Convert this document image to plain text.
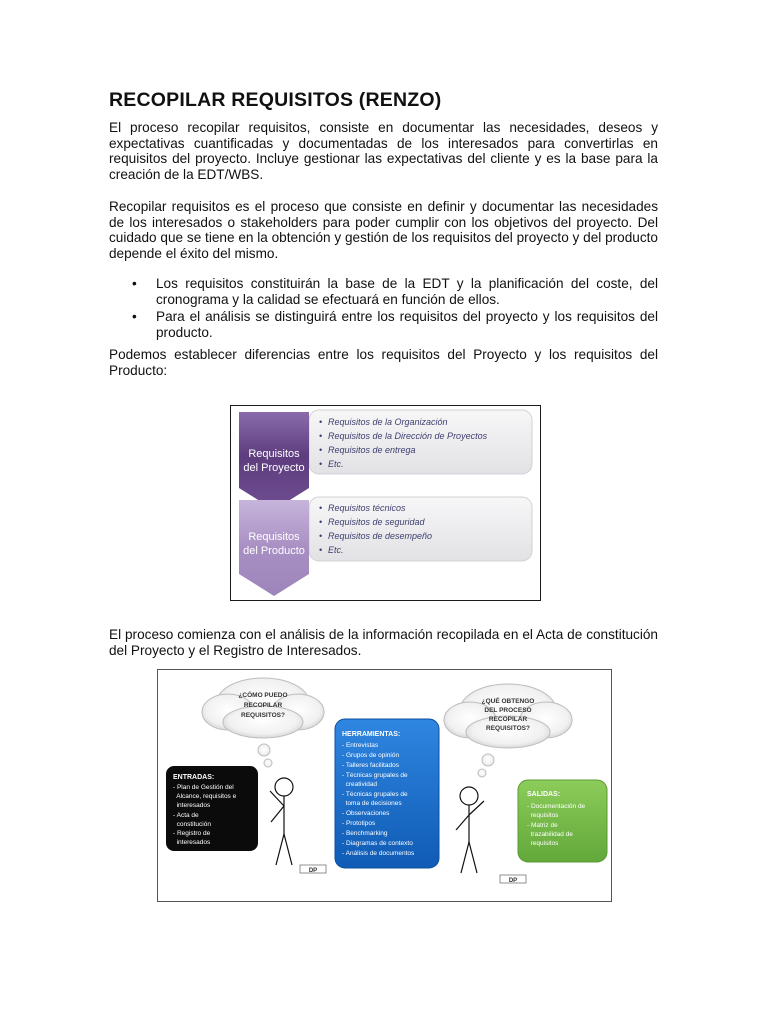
RECOPILAR REQUISITOS (RENZO)

El proceso recopilar requisitos, consiste en documentar las necesidades, deseos y expectativas cuantificadas y documentadas de los interesados para convertirlas en requisitos del proyecto. Incluye gestionar las expectativas del cliente y es la base para la creación de la EDT/WBS.

Recopilar requisitos es el proceso que consiste en definir y documentar las necesidades de los interesados o stakeholders para poder cumplir con los objetivos del proyecto. Del cuidado que se tiene en la obtención y gestión de los requisitos del proyecto y del producto depende el éxito del mismo.

• Los requisitos constituirán la base de la EDT y la planificación del coste, del cronograma y la calidad se efectuará en función de ellos.
• Para el análisis se distinguirá entre los requisitos del proyecto y los requisitos del producto.

Podemos establecer diferencias entre los requisitos del Proyecto y los requisitos del Producto:

El proceso comienza con el análisis de la información recopilada en el Acta de constitución del Proyecto y el Registro de Interesados.

Requisitos
del Proyecto
Requisitos
del Producto
• Requisitos de la Organización
• Requisitos de la Dirección de Proyectos
• Requisitos de entrega
• Etc.
• Requisitos técnicos
• Requisitos de seguridad
• Requisitos de desempeño
• Etc.
¿CÓMO PUEDO
RECOPILAR
REQUISITOS?
¿QUÉ OBTENGO
DEL PROCESO
RECOPILAR
REQUISITOS?
HERRAMIENTAS:
- Entrevistas
- Grupos de opinión
- Talleres facilitados
- Técnicas grupales de
creatividad
- Técnicas grupales de
toma de decisiones
- Observaciones
- Prototipos
- Benchmarking
- Diagramas de contexto
- Análisis de documentos
ENTRADAS:
- Plan de Gestión del
Alcance, requisitos e
interesados
- Acta de
constitución
- Registro de
interesados
SALIDAS:
- Documentación de
requisitos
- Matriz de
trazabilidad de
requisitos
DP
DP
